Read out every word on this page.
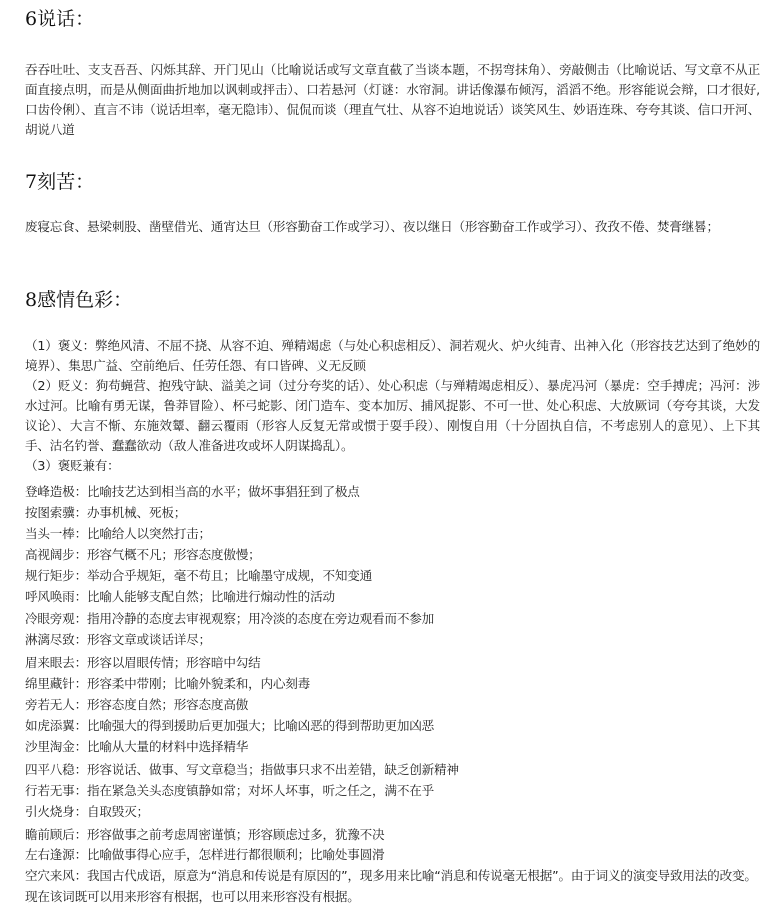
6说话：

吞吞吐吐、支支吾吾、闪烁其辞、开门见山（比喻说话或写文章直截了当谈本题，不拐弯抹角）、旁敲侧击（比喻说话、写文章不从正面直接点明，而是从侧面曲折地加以讽刺或抨击）、口若悬河（灯谜：水帘洞。讲话像瀑布倾泻，滔滔不绝。形容能说会辩，口才很好,口齿伶俐）、直言不讳（说话坦率，毫无隐讳）、侃侃而谈（理直气壮、从容不迫地说话）谈笑风生、妙语连珠、夸夸其谈、信口开河、胡说八道

7刻苦：

废寝忘食、悬梁刺股、凿壁借光、通宵达旦（形容勤奋工作或学习）、夜以继日（形容勤奋工作或学习）、孜孜不倦、焚膏继晷；

8感情色彩：

（1）褒义：弊绝风清、不屈不挠、从容不迫、殚精竭虑（与处心积虑相反）、洞若观火、炉火纯青、出神入化（形容技艺达到了绝妙的境界）、集思广益、空前绝后、任劳任怨、有口皆碑、义无反顾

（2）贬义：狗苟蝇营、抱残守缺、溢美之词（过分夸奖的话）、处心积虑（与殚精竭虑相反）、暴虎冯河（暴虎：空手搏虎；冯河：涉水过河。比喻有勇无谋，鲁莽冒险）、杯弓蛇影、闭门造车、变本加厉、捕风捉影、不可一世、处心积虑、大放厥词（夸夸其谈，大发议论）、大言不惭、东施效颦、翻云覆雨（形容人反复无常或惯于耍手段）、刚愎自用（十分固执自信，不考虑别人的意见）、上下其手、沽名钓誉、蠢蠢欲动（敌人准备进攻或坏人阴谋捣乱）。

（3）褒贬兼有：

登峰造极：比喻技艺达到相当高的水平；做坏事猖狂到了极点
按图索骥：办事机械、死板；
当头一棒：比喻给人以突然打击；
高视阔步：形容气概不凡；形容态度傲慢；
规行矩步：举动合乎规矩，毫不苟且；比喻墨守成规，不知变通
呼风唤雨：比喻人能够支配自然；比喻进行煽动性的活动
冷眼旁观：指用冷静的态度去审视观察；用冷淡的态度在旁边观看而不参加
淋漓尽致：形容文章或谈话详尽；
眉来眼去：形容以眉眼传情；形容暗中勾结
绵里藏针：形容柔中带刚；比喻外貌柔和，内心刻毒
旁若无人：形容态度自然；形容态度高傲
如虎添翼：比喻强大的得到援助后更加强大；比喻凶恶的得到帮助更加凶恶
沙里淘金：比喻从大量的材料中选择精华
四平八稳：形容说话、做事、写文章稳当；指做事只求不出差错，缺乏创新精神
行若无事：指在紧急关头态度镇静如常；对坏人坏事，听之任之，满不在乎
引火烧身：自取毁灭；
瞻前顾后：形容做事之前考虑周密谨慎；形容顾虑过多，犹豫不决
左右逢源：比喻做事得心应手，怎样进行都很顺利；比喻处事圆滑
空穴来风：我国古代成语，原意为“消息和传说是有原因的”，现多用来比喻“消息和传说毫无根据”。由于词义的演变导致用法的改变。现在该词既可以用来形容有根据，也可以用来形容没有根据。
